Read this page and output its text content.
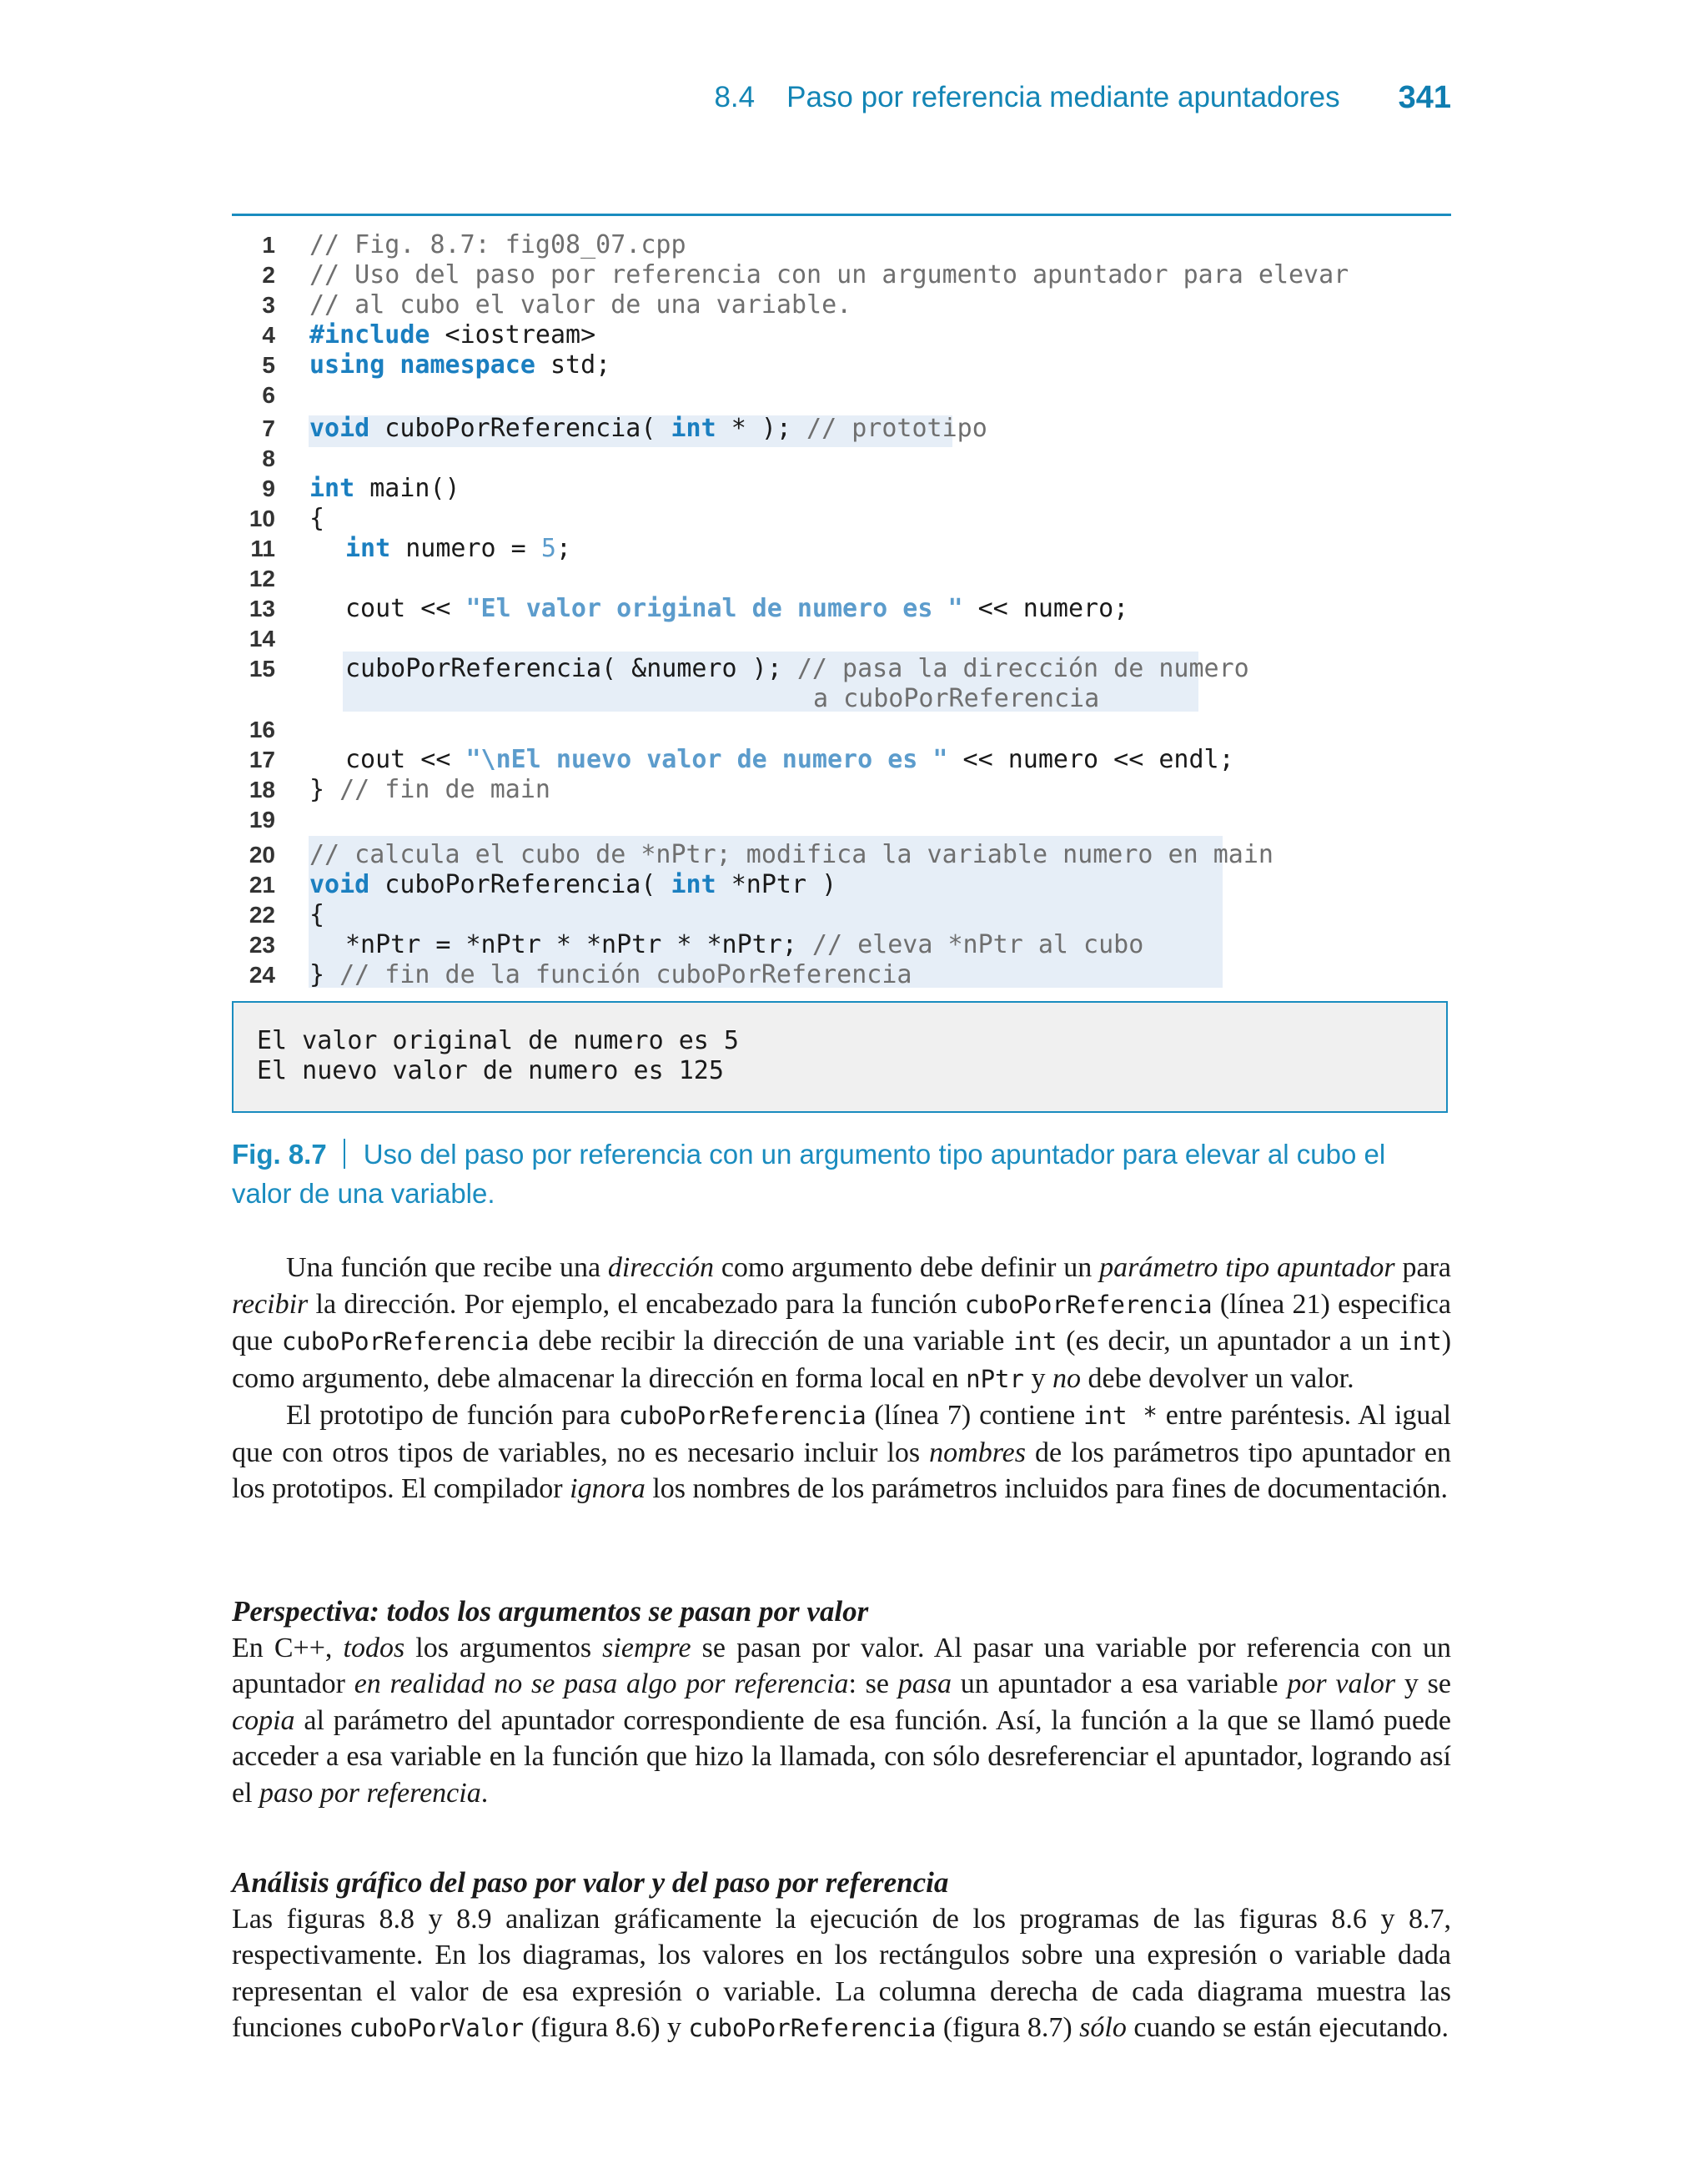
8.4 Paso por referencia mediante apuntadores 341
1 // Fig. 8.7: fig08_07.cpp
2 // Uso del paso por referencia con un argumento apuntador para elevar
3 // al cubo el valor de una variable.
4 #include <iostream>
5 using namespace std;
6
7 void cuboPorReferencia( int * ); // prototipo
8
9 int main()
10 {
11	int numero = 5;
12
13	cout << "El valor original de numero es " << numero;
14
15	cuboPorReferencia( &numero ); // pasa la dirección de numero
a cuboPorReferencia
16
17	cout << "\nEl nuevo valor de numero es " << numero << endl;
18 } // fin de main
19
20 // calcula el cubo de *nPtr; modifica la variable numero en main
21 void cuboPorReferencia( int *nPtr )
22 {
23	*nPtr = *nPtr * *nPtr * *nPtr; // eleva *nPtr al cubo
24 } // fin de la función cuboPorReferencia
El valor original de numero es 5
El nuevo valor de numero es 125
Fig. 8.7 Uso del paso por referencia con un argumento tipo apuntador para elevar al cubo el valor de una variable.

Una función que recibe una dirección como argumento debe definir un parámetro tipo apuntador para recibir la dirección. Por ejemplo, el encabezado para la función cuboPorReferencia (línea 21) especifica que cuboPorReferencia debe recibir la dirección de una variable int (es decir, un apuntador a un int) como argumento, debe almacenar la dirección en forma local en nPtr y no debe devolver un valor.

El prototipo de función para cuboPorReferencia (línea 7) contiene int * entre paréntesis. Al igual que con otros tipos de variables, no es necesario incluir los nombres de los parámetros tipo apuntador en los prototipos. El compilador ignora los nombres de los parámetros incluidos para fines de documentación.

Perspectiva: todos los argumentos se pasan por valor

En C++, todos los argumentos siempre se pasan por valor. Al pasar una variable por referencia con un apuntador en realidad no se pasa algo por referencia: se pasa un apuntador a esa variable por valor y se copia al parámetro del apuntador correspondiente de esa función. Así, la función a la que se llamó puede acceder a esa variable en la función que hizo la llamada, con sólo desreferenciar el apuntador, logrando así el paso por referencia.

Análisis gráfico del paso por valor y del paso por referencia

Las figuras 8.8 y 8.9 analizan gráficamente la ejecución de los programas de las figuras 8.6 y 8.7, respectivamente. En los diagramas, los valores en los rectángulos sobre una expresión o variable dada representan el valor de esa expresión o variable. La columna derecha de cada diagrama muestra las funciones cuboPorValor (figura 8.6) y cuboPorReferencia (figura 8.7) sólo cuando se están ejecutando.
